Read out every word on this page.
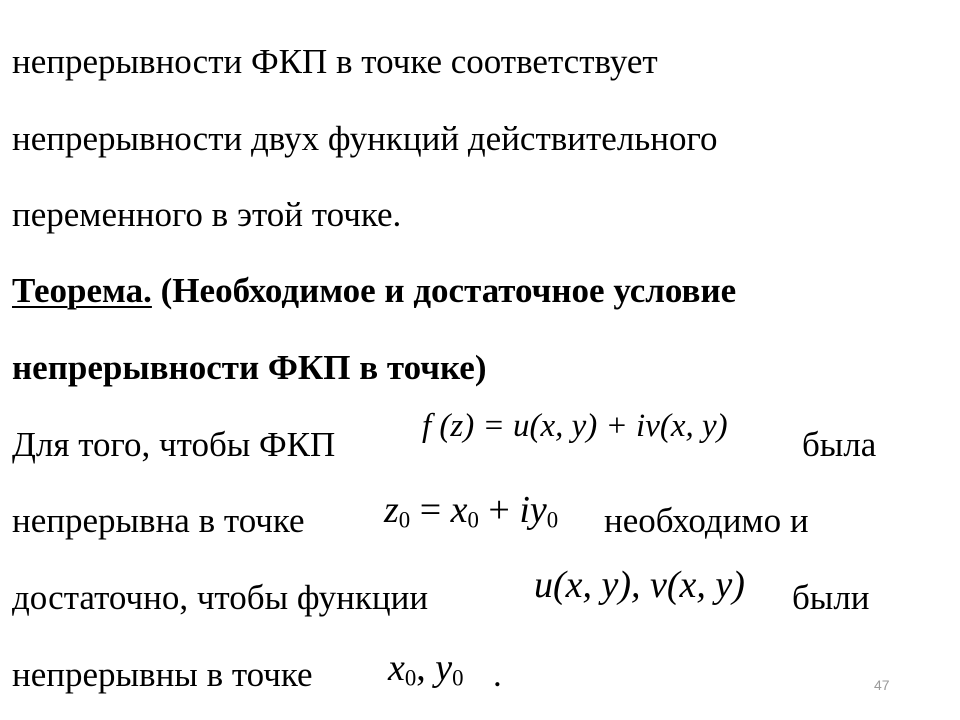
непрерывности ФКП в точке соответствует
непрерывности двух функций действительного
переменного в этой точке.
Теорема. (Необходимое и достаточное условие
непрерывности ФКП в точке)
Для того, чтобы ФКП	f (z) = u(x, y) + iv(x, y) была
непрерывна в точке $z_0 = x_0 + iy_0$ необходимо и
достаточно, чтобы функции	u(x, y), v(x, y) были
непрерывны в точке $x_0$, $y_0$ .	47
